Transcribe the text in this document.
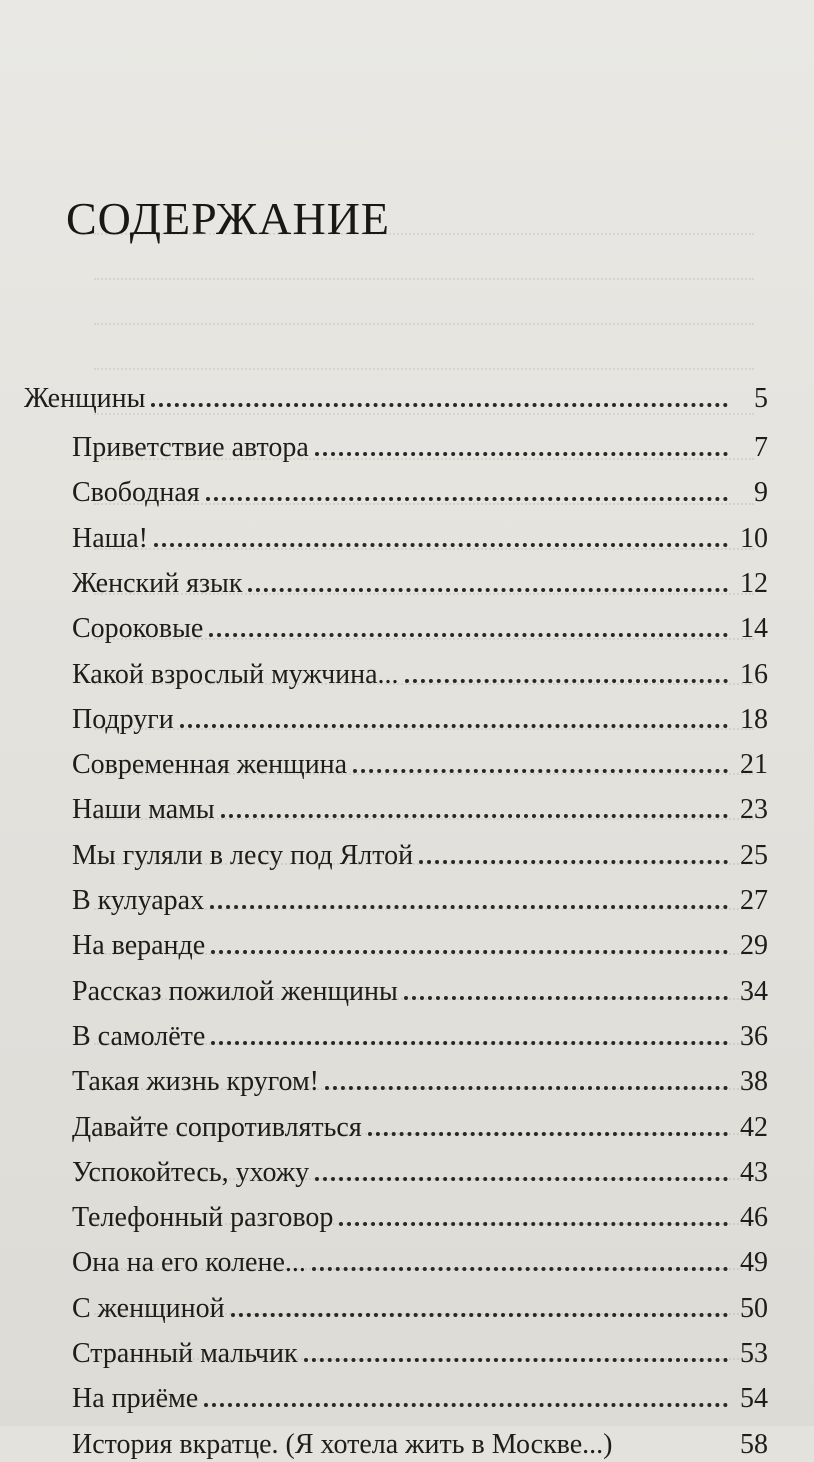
СОДЕРЖАНИЕ
Женщины	5
Приветствие автора	7
Свободная	9
Наша!	10
Женский язык	12
Сороковые	14
Какой взрослый мужчина...	16
Подруги	18
Современная женщина	21
Наши мамы	23
Мы гуляли в лесу под Ялтой	25
В кулуарах	27
На веранде	29
Рассказ пожилой женщины	34
В самолёте	36
Такая жизнь кругом!	38
Давайте сопротивляться	42
Успокойтесь, ухожу	43
Телефонный разговор	46
Она на его колене...	49
С женщиной	50
Странный мальчик	53
На приёме	54
История вкратце. (Я хотела жить в Москве...)	58
